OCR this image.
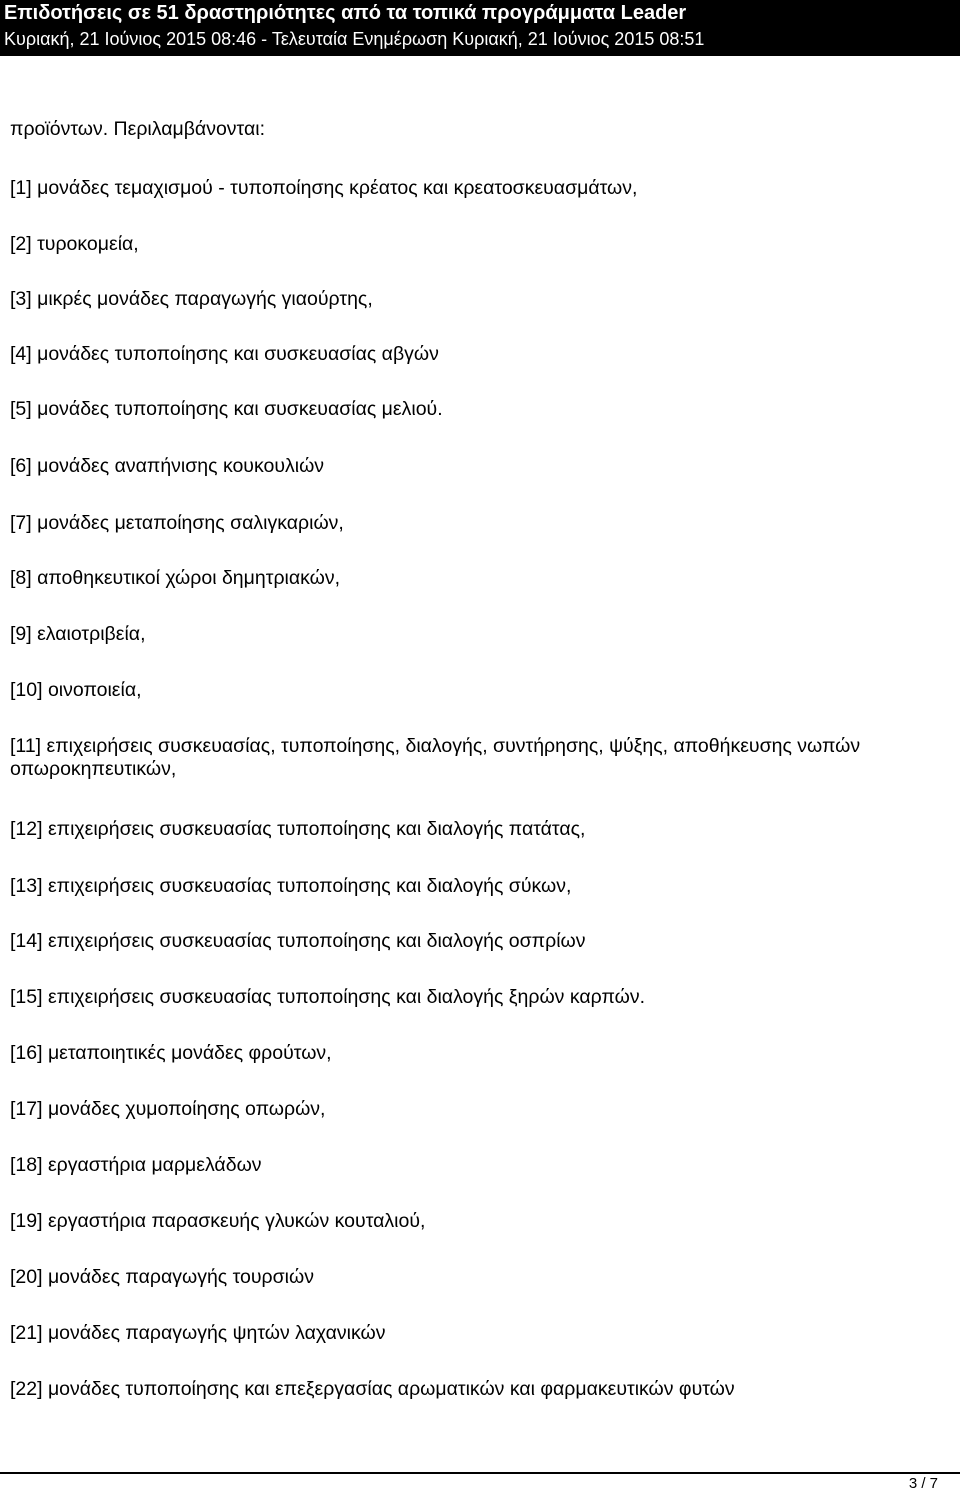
Επιδοτήσεις σε 51 δραστηριότητες από τα τοπικά προγράμματα Leader
Κυριακή, 21 Ιούνιος 2015 08:46 - Τελευταία Ενημέρωση Κυριακή, 21 Ιούνιος 2015 08:51

προϊόντων. Περιλαμβάνονται:

[1] μονάδες τεμαχισμού - τυποποίησης κρέατος και κρεατοσκευασμάτων,

[2] τυροκομεία,

[3] μικρές μονάδες παραγωγής γιαούρτης,

[4] μονάδες τυποποίησης και συσκευασίας αβγών

[5] μονάδες τυποποίησης και συσκευασίας μελιού.

[6] μονάδες αναπήνισης κουκουλιών

[7] μονάδες μεταποίησης σαλιγκαριών,

[8] αποθηκευτικοί χώροι δημητριακών,

[9] ελαιοτριβεία,

[10] οινοποιεία,

[11] επιχειρήσεις συσκευασίας, τυποποίησης, διαλογής, συντήρησης, ψύξης, αποθήκευσης νωπών οπωροκηπευτικών,

[12] επιχειρήσεις συσκευασίας τυποποίησης και διαλογής πατάτας,

[13] επιχειρήσεις συσκευασίας τυποποίησης και διαλογής σύκων,

[14] επιχειρήσεις συσκευασίας τυποποίησης και διαλογής οσπρίων

[15] επιχειρήσεις συσκευασίας τυποποίησης και διαλογής ξηρών καρπών.

[16] μεταποιητικές μονάδες φρούτων,

[17] μονάδες χυμοποίησης οπωρών,

[18] εργαστήρια μαρμελάδων

[19] εργαστήρια παρασκευής γλυκών κουταλιού,

[20] μονάδες παραγωγής τουρσιών

[21] μονάδες παραγωγής ψητών λαχανικών

[22] μονάδες τυποποίησης και επεξεργασίας αρωματικών και φαρμακευτικών φυτών

3 / 7
